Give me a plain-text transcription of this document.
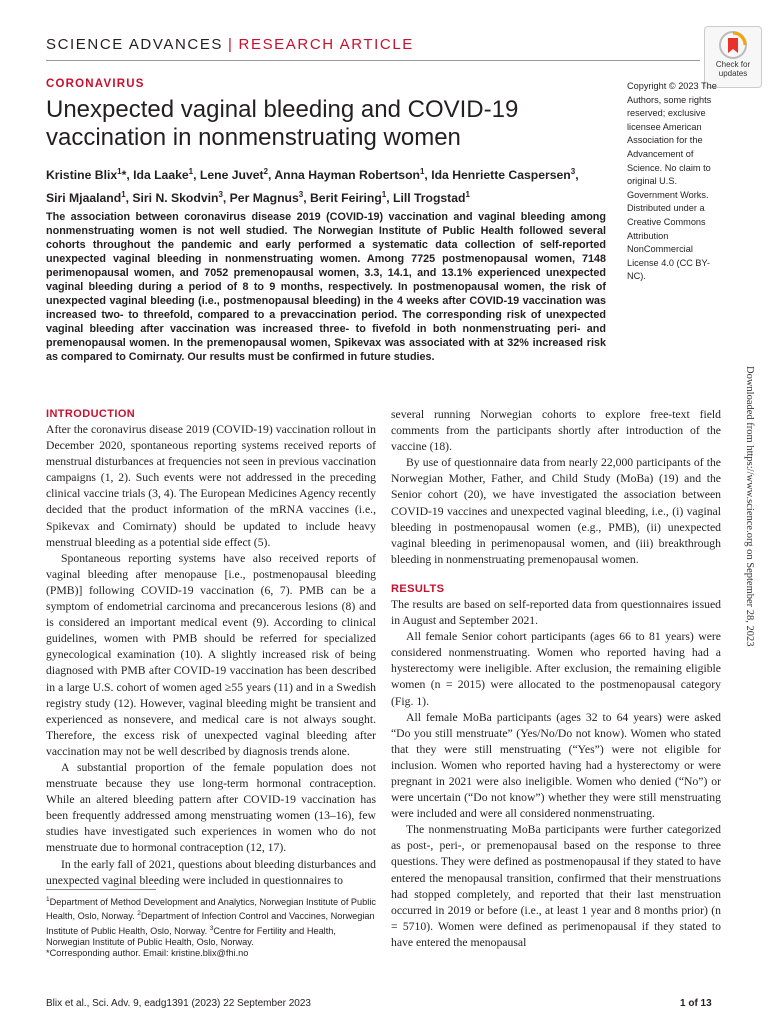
SCIENCE ADVANCES | RESEARCH ARTICLE
Check for
updates
CORONAVIRUS
Unexpected vaginal bleeding and COVID-19 vaccination in nonmenstruating women
Kristine Blix$^1$*, Ida Laake$^1$, Lene Juvet$^2$, Anna Hayman Robertson$^1$, Ida Henriette Caspersen$^3$,
Siri Mjaaland$^1$, Siri N. Skodvin$^3$, Per Magnus$^3$, Berit Feiring$^1$, Lill Trogstad$^1$
Copyright © 2023 The Authors, some rights reserved; exclusive licensee American Association for the Advancement of Science. No claim to original U.S. Government Works. Distributed under a Creative Commons Attribution NonCommercial License 4.0 (CC BY-NC).
The association between coronavirus disease 2019 (COVID-19) vaccination and vaginal bleeding among nonmenstruating women is not well studied. The Norwegian Institute of Public Health followed several cohorts throughout the pandemic and early performed a systematic data collection of self-reported unexpected vaginal bleeding in nonmenstruating women. Among 7725 postmenopausal women, 7148 perimenopausal women, and 7052 premenopausal women, 3.3, 14.1, and 13.1% experienced unexpected vaginal bleeding during a period of 8 to 9 months, respectively. In postmenopausal women, the risk of unexpected vaginal bleeding (i.e., postmenopausal bleeding) in the 4 weeks after COVID-19 vaccination was increased two- to threefold, compared to a prevaccination period. The corresponding risk of unexpected vaginal bleeding after vaccination was increased three- to fivefold in both nonmenstruating peri- and premenopausal women. In the premenopausal women, Spikevax was associated with at 32% increased risk as compared to Comirnaty. Our results must be confirmed in future studies.
Downloaded from https://www.science.org on September 28, 2023
INTRODUCTION

After the coronavirus disease 2019 (COVID-19) vaccination rollout in December 2020, spontaneous reporting systems received reports of menstrual disturbances at frequencies not seen in previous vaccination campaigns (1, 2). Such events were not addressed in the preceding clinical vaccine trials (3, 4). The European Medicines Agency recently decided that the product information of the mRNA vaccines (i.e., Spikevax and Comirnaty) should be updated to include heavy menstrual bleeding as a potential side effect (5).

Spontaneous reporting systems have also received reports of vaginal bleeding after menopause [i.e., postmenopausal bleeding (PMB)] following COVID-19 vaccination (6, 7). PMB can be a symptom of endometrial carcinoma and precancerous lesions (8) and is considered an important medical event (9). According to clinical guidelines, women with PMB should be referred for specialized gynecological examination (10). A slightly increased risk of being diagnosed with PMB after COVID-19 vaccination has been described in a large U.S. cohort of women aged ≥55 years (11) and in a Swedish registry study (12). However, vaginal bleeding might be transient and experienced as nonsevere, and medical care is not always sought. Therefore, the excess risk of unexpected vaginal bleeding after vaccination may not be well described by diagnosis trends alone.

A substantial proportion of the female population does not menstruate because they use long-term hormonal contraception. While an altered bleeding pattern after COVID-19 vaccination has been frequently addressed among menstruating women (13–16), few studies have investigated such experiences in women who do not menstruate due to hormonal contraception (12, 17).

In the early fall of 2021, questions about bleeding disturbances and unexpected vaginal bleeding were included in questionnaires to

several running Norwegian cohorts to explore free-text field comments from the participants shortly after introduction of the vaccine (18).

By use of questionnaire data from nearly 22,000 participants of the Norwegian Mother, Father, and Child Study (MoBa) (19) and the Senior cohort (20), we have investigated the association between COVID-19 vaccines and unexpected vaginal bleeding, i.e., (i) vaginal bleeding in postmenopausal women (e.g., PMB), (ii) unexpected vaginal bleeding in perimenopausal women, and (iii) breakthrough bleeding in nonmenstruating premenopausal women.

RESULTS

The results are based on self-reported data from questionnaires issued in August and September 2021.

All female Senior cohort participants (ages 66 to 81 years) were considered nonmenstruating. Women who reported having had a hysterectomy were ineligible. After exclusion, the remaining eligible women (n = 2015) were allocated to the postmenopausal category (Fig. 1).

All female MoBa participants (ages 32 to 64 years) were asked “Do you still menstruate” (Yes/No/Do not know). Women who stated that they were still menstruating (“Yes”) were not eligible for inclusion. Women who reported having had a hysterectomy or were pregnant in 2021 were also ineligible. Women who denied (“No”) or were uncertain (“Do not know”) whether they were still menstruating were included and were all considered nonmenstruating.

The nonmenstruating MoBa participants were further categorized as post-, peri-, or premenopausal based on the response to three questions. They were defined as postmenopausal if they stated to have entered the menopausal transition, confirmed that their menstruations had stopped completely, and reported that their last menstruation occurred in 2019 or before (i.e., at least 1 year and 8 months prior) (n = 5710). Women were defined as perimenopausal if they stated to have entered the menopausal

$^1$Department of Method Development and Analytics, Norwegian Institute of Public Health, Oslo, Norway. $^2$Department of Infection Control and Vaccines, Norwegian Institute of Public Health, Oslo, Norway. $^3$Centre for Fertility and Health, Norwegian Institute of Public Health, Oslo, Norway.
*Corresponding author. Email: kristine.blix@fhi.no
Blix et al., Sci. Adv. 9, eadg1391 (2023) 22 September 2023	1 of 13
